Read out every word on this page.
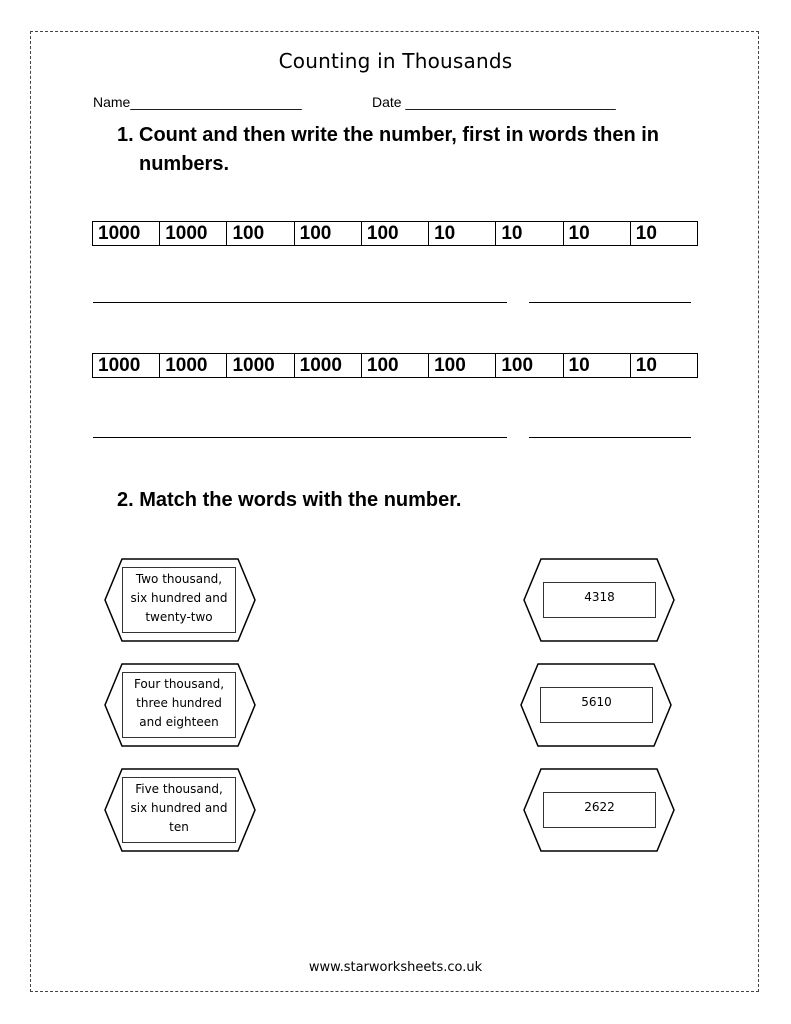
Counting in Thousands
Name______________________	Date ___________________________
1. Count and then write the number, first in words then in
numbers.
1000	1000	100	100	100	10	10	10	10
1000	1000	1000	1000	100	100	100	10	10
2. Match the words with the number.
Two thousand,
six hundred and
twenty-two
Four thousand,
three hundred
and eighteen
Five thousand,
six hundred and
ten
4318
5610
2622
www.starworksheets.co.uk
